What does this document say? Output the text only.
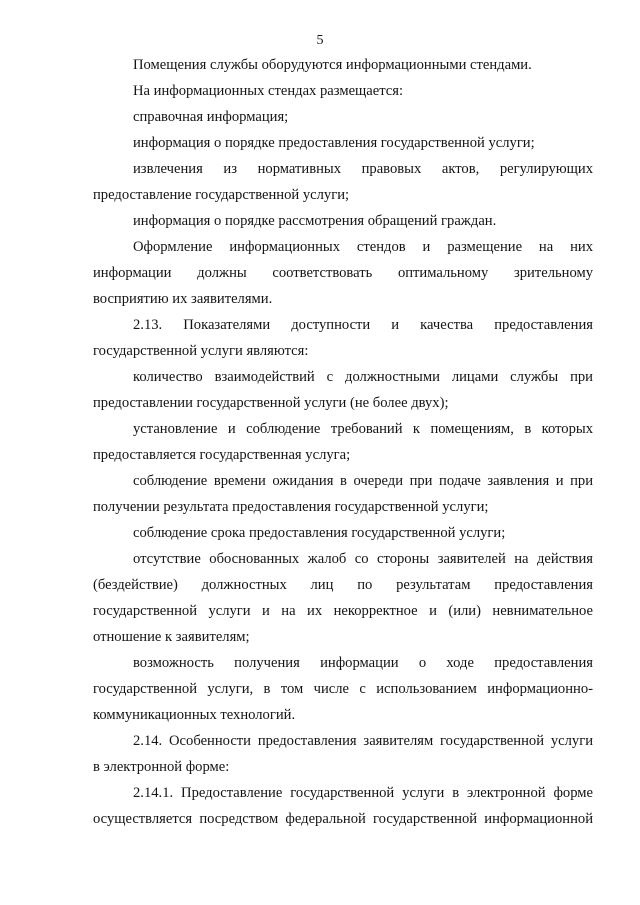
5
Помещения службы оборудуются информационными стендами.
На информационных стендах размещается:
справочная информация;
информация о порядке предоставления государственной услуги;
извлечения из нормативных правовых актов, регулирующих
предоставление государственной услуги;
информация о порядке рассмотрения обращений граждан.
Оформление информационных стендов и размещение на них
информации должны соответствовать оптимальному зрительному
восприятию их заявителями.
2.13. Показателями доступности и качества предоставления
государственной услуги являются:
количество взаимодействий с должностными лицами службы при
предоставлении государственной услуги (не более двух);
установление и соблюдение требований к помещениям, в которых
предоставляется государственная услуга;
соблюдение времени ожидания в очереди при подаче заявления и при
получении результата предоставления государственной услуги;
соблюдение срока предоставления государственной услуги;
отсутствие обоснованных жалоб со стороны заявителей на действия
(бездействие) должностных лиц по результатам предоставления
государственной услуги и на их некорректное и (или) невнимательное
отношение к заявителям;
возможность получения информации о ходе предоставления
государственной услуги, в том числе с использованием информационно-
коммуникационных технологий.
2.14. Особенности предоставления заявителям государственной услуги
в электронной форме:
2.14.1. Предоставление государственной услуги в электронной форме
осуществляется посредством федеральной государственной информационной
